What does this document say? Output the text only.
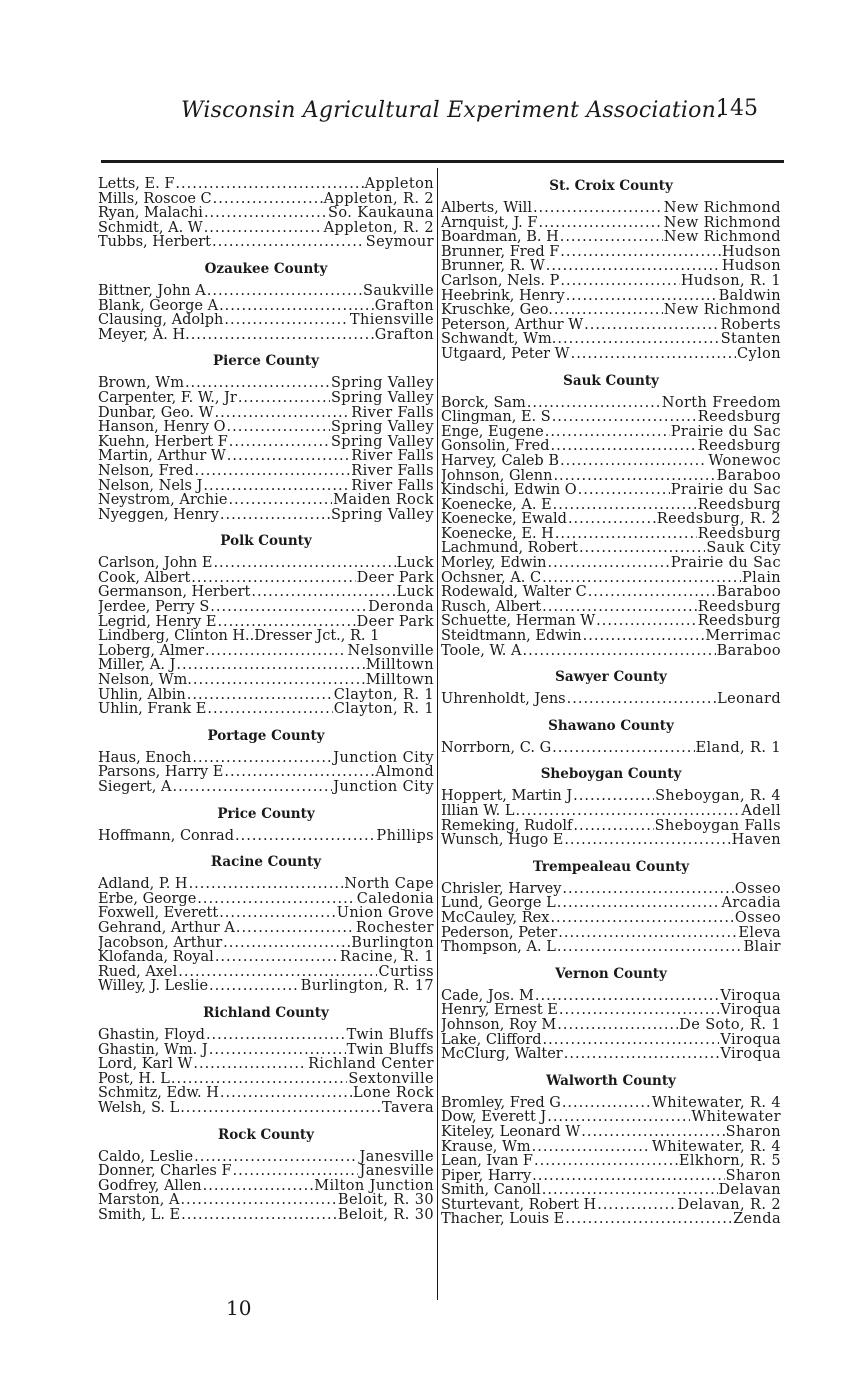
Wisconsin Agricultural Experiment Association.
145
Letts, E. F .....	Appleton
Mills, Roscoe C .....	Appleton, R. 2
Ryan, Malachi .....	So. Kaukauna
Schmidt, A. W .....	Appleton, R. 2
Tubbs, Herbert .....	Seymour
Ozaukee County
Bittner, John A .....	Saukville
Blank, George A .....	Grafton
Clausing, Adolph .....	Thiensville
Meyer, A. H. .....	Grafton
Pierce County
Brown, Wm .....	Spring Valley
Carpenter, F. W., Jr .....	Spring Valley
Dunbar, Geo. W .....	River Falls
Hanson, Henry O .....	Spring Valley
Kuehn, Herbert F .....	Spring Valley
Martin, Arthur W .....	River Falls
Nelson, Fred .....	River Falls
Nelson, Nels J .....	River Falls
Neystrom, Archie .....	Maiden Rock
Nyeggen, Henry .....	Spring Valley
Polk County
Carlson, John E .....	Luck
Cook, Albert .....	Deer Park
Germanson, Herbert .....	Luck
Jerdee, Perry S .....	Deronda
Legrid, Henry E .....	Deer Park
Lindberg, Clinton H..Dresser Jct., R. 1
Loberg, Almer .....	Nelsonville
Miller, A. J .....	Milltown
Nelson, Wm. .....	Milltown
Uhlin, Albin .....	Clayton, R. 1
Uhlin, Frank E .....	Clayton, R. 1
Portage County
Haus, Enoch .....	Junction City
Parsons, Harry E .....	Almond
Siegert, A .....	Junction City
Price County
Hoffmann, Conrad .....	Phillips
Racine County
Adland, P. H .....	North Cape
Erbe, George .....	Caledonia
Foxwell, Everett .....	Union Grove
Gehrand, Arthur A .....	Rochester
Jacobson, Arthur .....	Burlington
Klofanda, Royal .....	Racine, R. 1
Rued, Axel .....	Curtiss
Willey, J. Leslie .....	Burlington, R. 17
Richland County
Ghastin, Floyd .....	Twin Bluffs
Ghastin, Wm. J .....	Twin Bluffs
Lord, Karl W .....	Richland Center
Post, H. L .....	Sextonville
Schmitz, Edw. H .....	Lone Rock
Welsh, S. L .....	Tavera
Rock County
Caldo, Leslie .....	Janesville
Donner, Charles F .....	Janesville
Godfrey, Allen .....	Milton Junction
Marston, A .....	Beloit, R. 30
Smith, L. E .....	Beloit, R. 30
St. Croix County
Alberts, Will .....	New Richmond
Arnquist, J. F .....	New Richmond
Boardman, B. H .....	New Richmond
Brunner, Fred F .....	Hudson
Brunner, R. W .....	Hudson
Carlson, Nels. P .....	Hudson, R. 1
Heebrink, Henry .....	Baldwin
Kruschke, Geo. .....	New Richmond
Peterson, Arthur W .....	Roberts
Schwandt, Wm. .....	Stanten
Utgaard, Peter W .....	Cylon
Sauk County
Borck, Sam .....	North Freedom
Clingman, E. S .....	Reedsburg
Enge, Eugene .....	Prairie du Sac
Gonsolin, Fred .....	Reedsburg
Harvey, Caleb B .....	Wonewoc
Johnson, Glenn .....	Baraboo
Kindschi, Edwin O .....	Prairie du Sac
Koenecke, A. E .....	Reedsburg
Koenecke, Ewald .....	Reedsburg, R. 2
Koenecke, E. H .....	Reedsburg
Lachmund, Robert .....	Sauk City
Morley, Edwin .....	Prairie du Sac
Ochsner, A. C .....	Plain
Rodewald, Walter C .....	Baraboo
Rusch, Albert .....	Reedsburg
Schuette, Herman W .....	Reedsburg
Steidtmann, Edwin .....	Merrimac
Toole, W. A .....	Baraboo
Sawyer County
Uhrenholdt, Jens .....	Leonard
Shawano County
Norrborn, C. G .....	Eland, R. 1
Sheboygan County
Hoppert, Martin J .....	Sheboygan, R. 4
Illian W. L .....	Adell
Remeking, Rudolf .....	Sheboygan Falls
Wunsch, Hugo E .....	Haven
Trempealeau County
Chrisler, Harvey .....	Osseo
Lund, George L .....	Arcadia
McCauley, Rex .....	Osseo
Pederson, Peter .....	Eleva
Thompson, A. L .....	Blair
Vernon County
Cade, Jos. M .....	Viroqua
Henry, Ernest E .....	Viroqua
Johnson, Roy M .....	De Soto, R. 1
Lake, Clifford .....	Viroqua
McClurg, Walter .....	Viroqua
Walworth County
Bromley, Fred G .....	Whitewater, R. 4
Dow, Everett J .....	Whitewater
Kiteley, Leonard W .....	Sharon
Krause, Wm .....	Whitewater, R. 4
Lean, Ivan F .....	Elkhorn, R. 5
Piper, Harry .....	Sharon
Smith, Canoll .....	Delavan
Sturtevant, Robert H .....	Delavan, R. 2
Thacher, Louis E .....	Zenda
10
